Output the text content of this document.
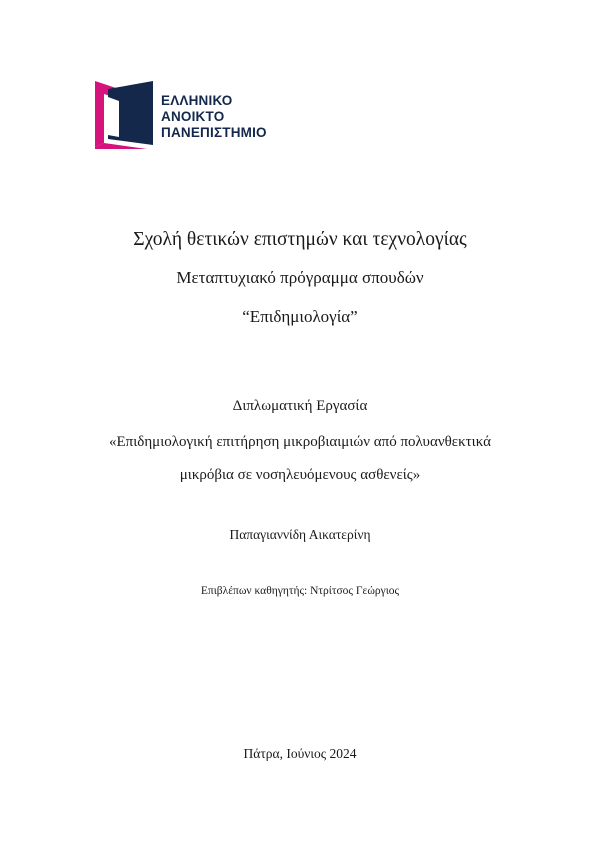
ΕΛΛΗΝΙΚΟ
ΑΝΟΙΚΤΟ
ΠΑΝΕΠΙΣΤΗΜΙΟ
Σχολή θετικών επιστημών και τεχνολογίας
Μεταπτυχιακό πρόγραμμα σπουδών
“Επιδημιολογία”
Διπλωματική Εργασία
«Επιδημιολογική επιτήρηση μικροβιαιμιών από πολυανθεκτικά
μικρόβια σε νοσηλευόμενους ασθενείς»
Παπαγιαννίδη Αικατερίνη
Επιβλέπων καθηγητής: Ντρίτσος Γεώργιος
Πάτρα, Ιούνιος 2024
